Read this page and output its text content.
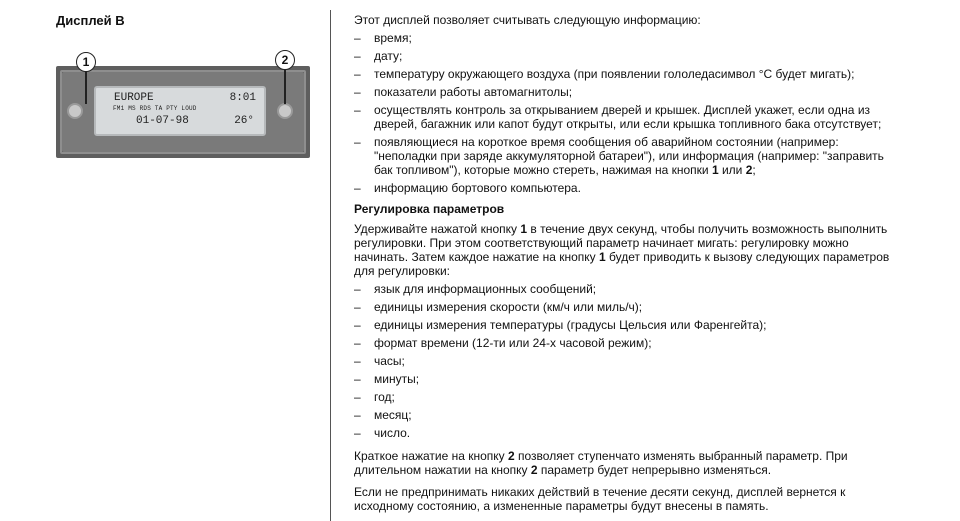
Дисплей В
EUROPE	8:01
FM1 MS RDS TA PTY LOUD
01-07-98	26°
1	2

Этот дисплей позволяет считывать следующую информацию:

– время;
– дату;
– температуру окружающего воздуха (при появлении гололедасимвол °С будет мигать);
– показатели работы автомагнитолы;
– осуществлять контроль за открыванием дверей и крышек. Дисплей укажет, если одна из дверей, багажник или капот будут открыты, или если крышка топливного бака отсутствует;
– появляющиеся на короткое время сообщения об аварийном состоянии (например: "неполадки при заряде аккумуляторной батареи"), или информация (например: "заправить бак топливом"), которые можно стереть, нажимая на кнопки 1 или 2;
– информацию бортового компьютера.
Регулировка параметров

Удерживайте нажатой кнопку 1 в течение двух секунд, чтобы получить возможность выполнить регулировки. При этом соответствующий параметр начинает мигать: регулировку можно начинать. Затем каждое нажатие на кнопку 1 будет приводить к вызову следующих параметров для регулировки:

– язык для информационных сообщений;
– единицы измерения скорости (км/ч или миль/ч);
– единицы измерения температуры (градусы Цельсия или Фаренгейта);
– формат времени (12-ти или 24-х часовой режим);
– часы;
– минуты;
– год;
– месяц;
– число.

Краткое нажатие на кнопку 2 позволяет ступенчато изменять выбранный параметр. При длительном нажатии на кнопку 2 параметр будет непрерывно изменяться.

Если не предпринимать никаких действий в течение десяти секунд, дисплей вернется к исходному состоянию, а измененные параметры будут внесены в память.
